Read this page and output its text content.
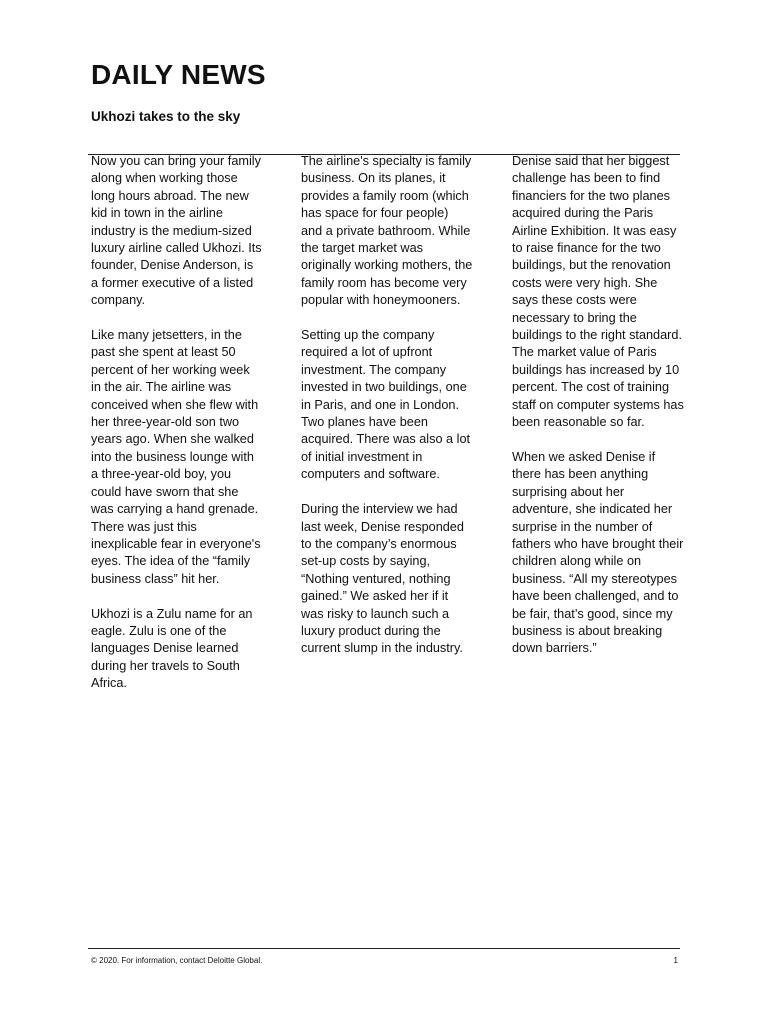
DAILY NEWS
Ukhozi takes to the sky

Now you can bring your family along when working those long hours abroad. The new kid in town in the airline industry is the medium-sized luxury airline called Ukhozi. Its founder, Denise Anderson, is a former executive of a listed company.

Like many jetsetters, in the past she spent at least 50 percent of her working week in the air. The airline was conceived when she flew with her three-year-old son two years ago. When she walked into the business lounge with a three-year-old boy, you could have sworn that she was carrying a hand grenade. There was just this inexplicable fear in everyone's eyes. The idea of the “family business class” hit her.

Ukhozi is a Zulu name for an eagle. Zulu is one of the languages Denise learned during her travels to South Africa.

The airline's specialty is family business. On its planes, it provides a family room (which has space for four people) and a private bathroom. While the target market was originally working mothers, the family room has become very popular with honeymooners.

Setting up the company required a lot of upfront investment. The company invested in two buildings, one in Paris, and one in London. Two planes have been acquired. There was also a lot of initial investment in computers and software.

During the interview we had last week, Denise responded to the company’s enormous set-up costs by saying, “Nothing ventured, nothing gained.” We asked her if it was risky to launch such a luxury product during the current slump in the industry.

Denise said that her biggest challenge has been to find financiers for the two planes acquired during the Paris Airline Exhibition. It was easy to raise finance for the two buildings, but the renovation costs were very high. She says these costs were necessary to bring the buildings to the right standard. The market value of Paris buildings has increased by 10 percent. The cost of training staff on computer systems has been reasonable so far.

When we asked Denise if there has been anything surprising about her adventure, she indicated her surprise in the number of fathers who have brought their children along while on business. “All my stereotypes have been challenged, and to be fair, that’s good, since my business is about breaking down barriers.”

© 2020. For information, contact Deloitte Global.	1
